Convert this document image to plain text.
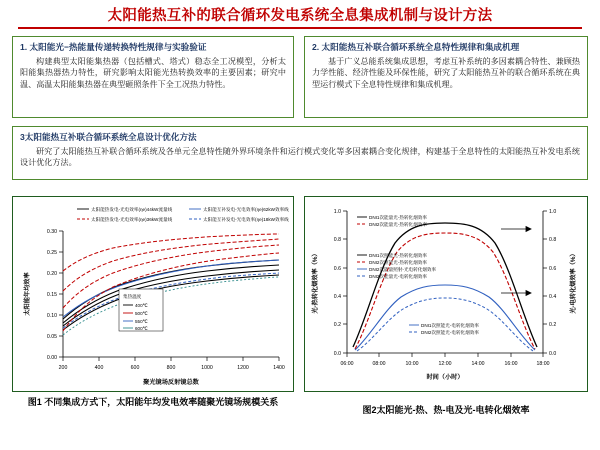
太阳能热互补的联合循环发电系统全息集成机制与设计方法
1. 太阳能光−热能量传递转换特性规律与实验验证
构建典型太阳能集热器（包括槽式、塔式）稳态全工况模型，分析太阳能集热器热力特性，研究影响太阳能光热转换效率的主要因素；研究中温、高温太阳能集热器在典型砸照条件下全工况热力特性。
2. 太阳能热互补联合循环系统全息特性规律和集成机理
基于广义总能系统集成思想，考虑互补系统的多因素耦合特性、兼顾热力学性能、经济性能及环保性能，研究了太阳能热互补的联合循环系统在典型运行模式下全息特性规律和集成机理。
3太阳能热互补联合循环系统全息设计优化方法
研究了太阳能热互补联合循环系统及各单元全息特性随外界环境条件和运行模式变化等多因素耦合变化规律，构建基于全息特性的太阳能热互补发电系统设计优化方法。
太阳能热发电-光电效率(ηe)44kW流量线
太阳能热发电-光电效率(ηe)36kW流量线
太阳能互补发电-光电效率(ηe)62kW效率线
太阳能互补发电-光电效率(ηe)18kW效率线
0.00
0.05
0.10
0.15
0.20
0.25
0.30
200	400	600	800	1000	1200	1400
聚光镜场反射镜总数
太阳能年均效率	集热温度
400℃
500℃
550℃
600℃
0.0
0.2
0.4
0.6
0.8
1.0
0.0
0.2
0.4
0.6
0.8
1.0
06:00	08:00	10:00	12:00	14:00	16:00	18:00
时间（小时）
光-热转化烟效率（%）	光-电转化烟效率（%）
DNI1次能量光-热转化烟效率
DNI2次能量光-热转化烟效率
DNI1次照能光-热转化烟效率
DNI2次照能光-热转化烟效率
DNI2次能量照射-光电转化烟效率
DNI2次能量光-电转化烟效率
DNI1次照能光-电转化烟效率
DNI2次照能光-电转化烟效率
图1 不同集成方式下，太阳能年均发电效率随聚光镜场规模关系
图2太阳能光-热、热-电及光-电转化烟效率
